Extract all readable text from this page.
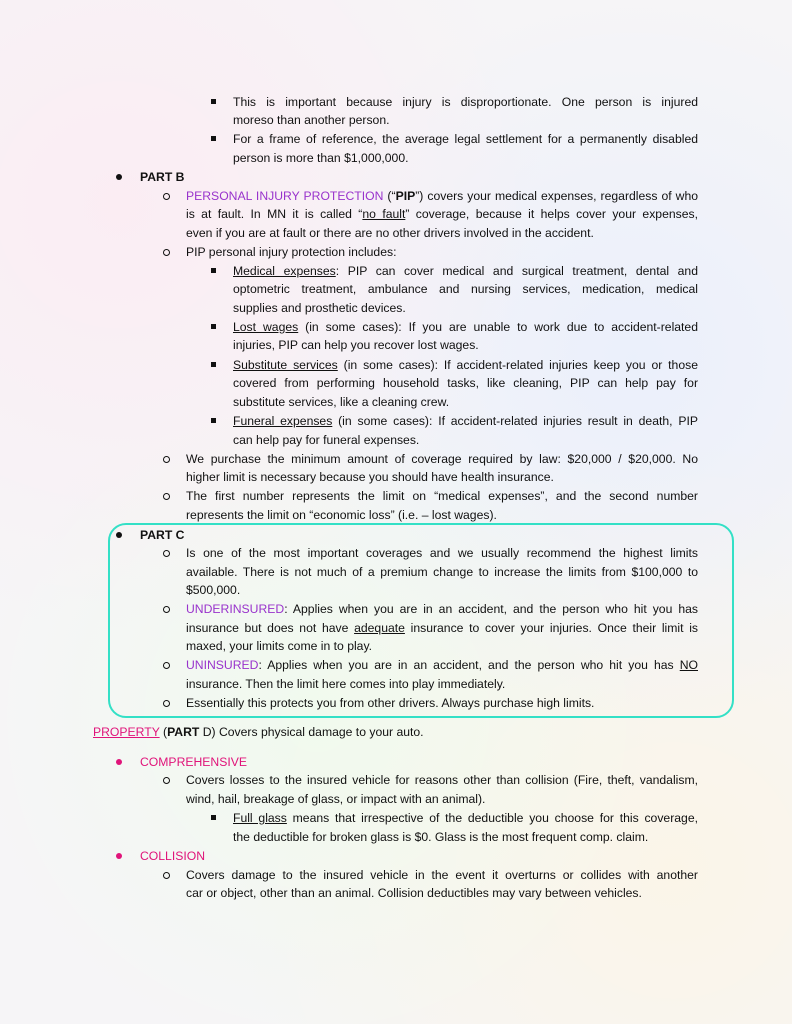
This is important because injury is disproportionate. One person is injured
moreso than another person.
For a frame of reference, the average legal settlement for a permanently disabled
person is more than $1,000,000.
PART B
PERSONAL INJURY PROTECTION (“PIP”) covers your medical expenses, regardless of who
is at fault. In MN it is called “no fault” coverage, because it helps cover your expenses,
even if you are at fault or there are no other drivers involved in the accident.
PIP personal injury protection includes:
Medical expenses: PIP can cover medical and surgical treatment, dental and
optometric treatment, ambulance and nursing services, medication, medical
supplies and prosthetic devices.
Lost wages (in some cases): If you are unable to work due to accident-related
injuries, PIP can help you recover lost wages.
Substitute services (in some cases): If accident-related injuries keep you or those
covered from performing household tasks, like cleaning, PIP can help pay for
substitute services, like a cleaning crew.
Funeral expenses (in some cases): If accident-related injuries result in death, PIP
can help pay for funeral expenses.
We purchase the minimum amount of coverage required by law: $20,000 / $20,000. No
higher limit is necessary because you should have health insurance.
The first number represents the limit on “medical expenses”, and the second number
represents the limit on “economic loss” (i.e. – lost wages).
PART C
Is one of the most important coverages and we usually recommend the highest limits
available. There is not much of a premium change to increase the limits from $100,000 to
$500,000.
UNDERINSURED: Applies when you are in an accident, and the person who hit you has
insurance but does not have adequate insurance to cover your injuries. Once their limit is
maxed, your limits come in to play.
UNINSURED: Applies when you are in an accident, and the person who hit you has NO
insurance. Then the limit here comes into play immediately.
Essentially this protects you from other drivers. Always purchase high limits.
PROPERTY (PART D) Covers physical damage to your auto.
COMPREHENSIVE
Covers losses to the insured vehicle for reasons other than collision (Fire, theft, vandalism,
wind, hail, breakage of glass, or impact with an animal).
Full glass means that irrespective of the deductible you choose for this coverage,
the deductible for broken glass is $0. Glass is the most frequent comp. claim.
COLLISION
Covers damage to the insured vehicle in the event it overturns or collides with another
car or object, other than an animal. Collision deductibles may vary between vehicles.
